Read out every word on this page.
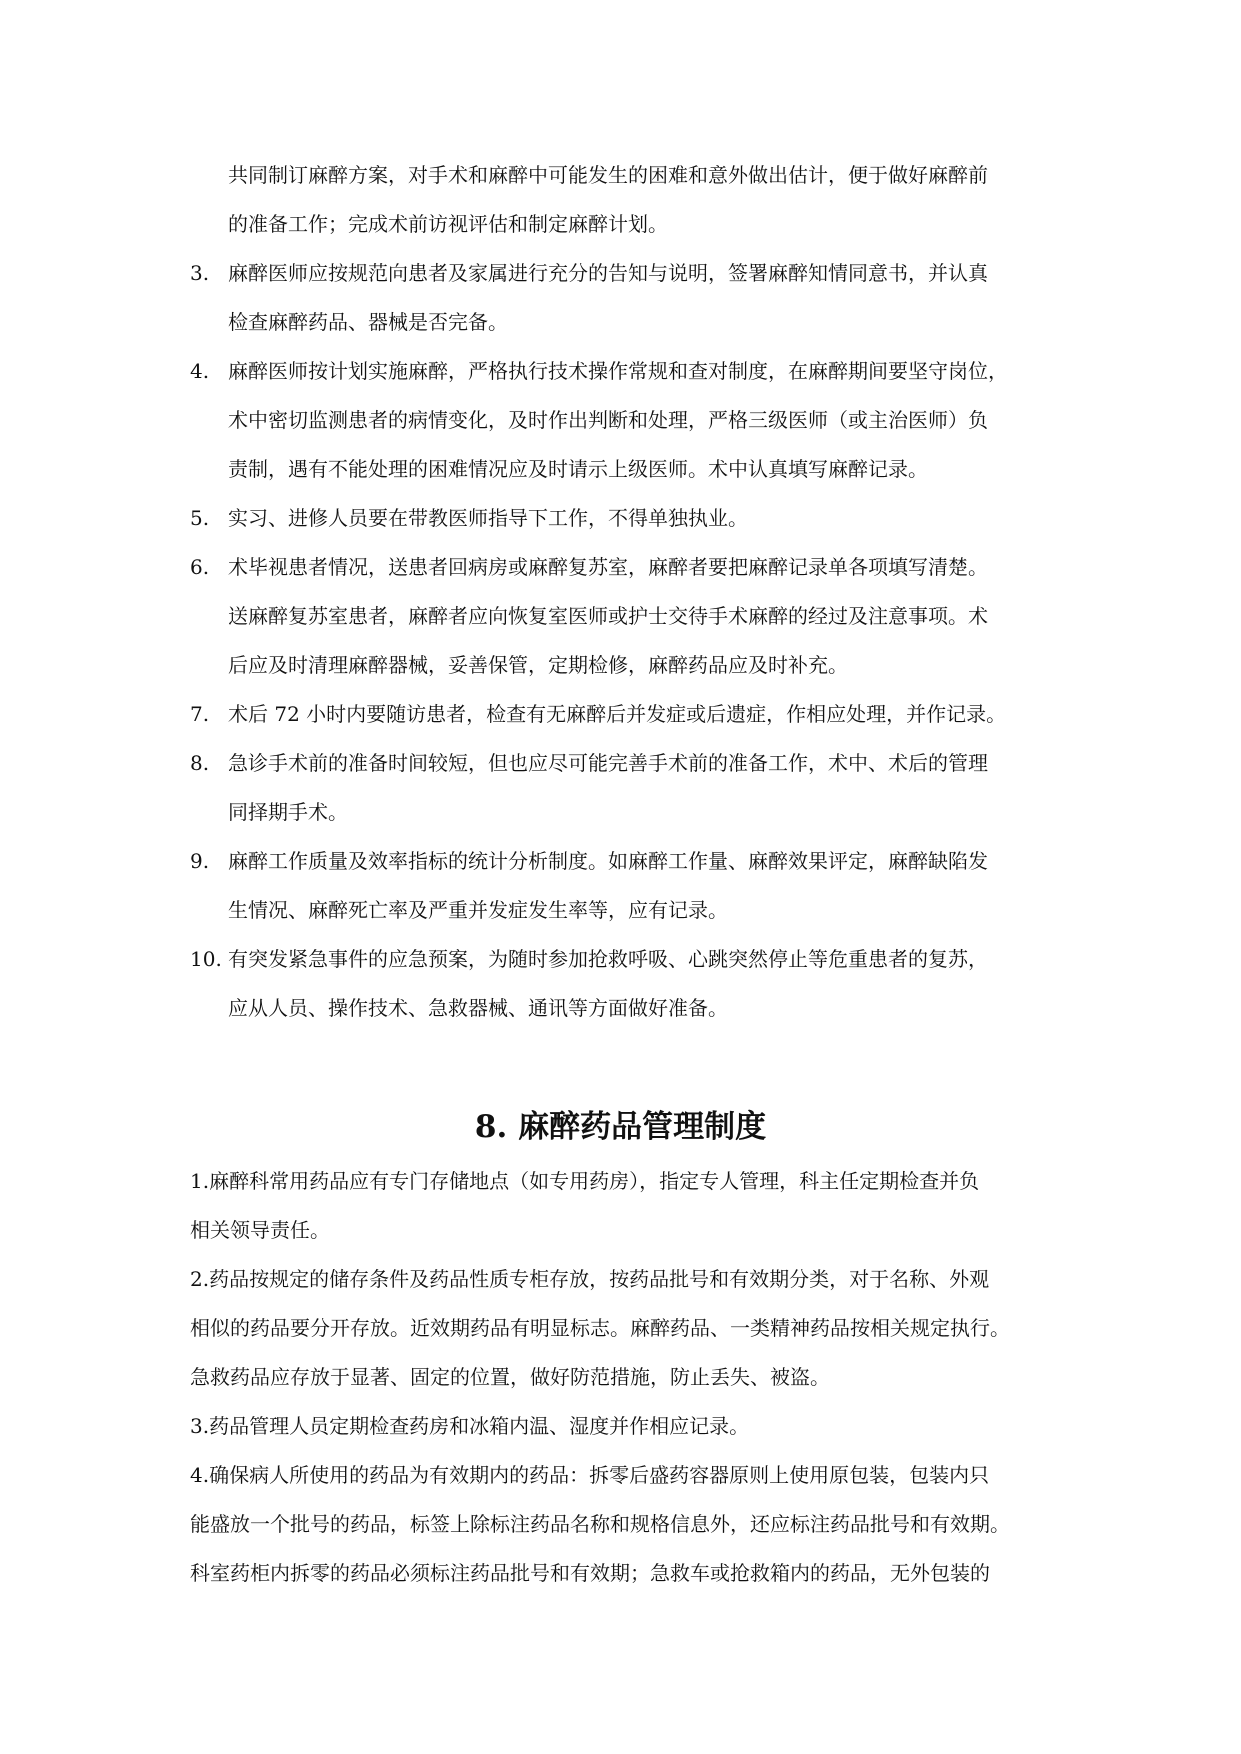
共同制订麻醉方案，对手术和麻醉中可能发生的困难和意外做出估计，便于做好麻醉前
的准备工作；完成术前访视评估和制定麻醉计划。
3. 麻醉医师应按规范向患者及家属进行充分的告知与说明，签署麻醉知情同意书，并认真
检查麻醉药品、器械是否完备。
4. 麻醉医师按计划实施麻醉，严格执行技术操作常规和查对制度，在麻醉期间要坚守岗位，
术中密切监测患者的病情变化，及时作出判断和处理，严格三级医师（或主治医师）负
责制，遇有不能处理的困难情况应及时请示上级医师。术中认真填写麻醉记录。
5. 实习、进修人员要在带教医师指导下工作，不得单独执业。
6. 术毕视患者情况，送患者回病房或麻醉复苏室，麻醉者要把麻醉记录单各项填写清楚。
送麻醉复苏室患者，麻醉者应向恢复室医师或护士交待手术麻醉的经过及注意事项。术
后应及时清理麻醉器械，妥善保管，定期检修，麻醉药品应及时补充。
7. 术后 72 小时内要随访患者，检查有无麻醉后并发症或后遗症，作相应处理，并作记录。
8. 急诊手术前的准备时间较短，但也应尽可能完善手术前的准备工作，术中、术后的管理
同择期手术。
9. 麻醉工作质量及效率指标的统计分析制度。如麻醉工作量、麻醉效果评定，麻醉缺陷发
生情况、麻醉死亡率及严重并发症发生率等，应有记录。
10. 有突发紧急事件的应急预案，为随时参加抢救呼吸、心跳突然停止等危重患者的复苏，
应从人员、操作技术、急救器械、通讯等方面做好准备。
8. 麻醉药品管理制度
1.麻醉科常用药品应有专门存储地点（如专用药房），指定专人管理，科主任定期检查并负
相关领导责任。
2.药品按规定的储存条件及药品性质专柜存放，按药品批号和有效期分类，对于名称、外观
相似的药品要分开存放。近效期药品有明显标志。麻醉药品、一类精神药品按相关规定执行。
急救药品应存放于显著、固定的位置，做好防范措施，防止丢失、被盗。
3.药品管理人员定期检查药房和冰箱内温、湿度并作相应记录。
4.确保病人所使用的药品为有效期内的药品：拆零后盛药容器原则上使用原包装，包装内只
能盛放一个批号的药品，标签上除标注药品名称和规格信息外，还应标注药品批号和有效期。
科室药柜内拆零的药品必须标注药品批号和有效期；急救车或抢救箱内的药品，无外包装的
